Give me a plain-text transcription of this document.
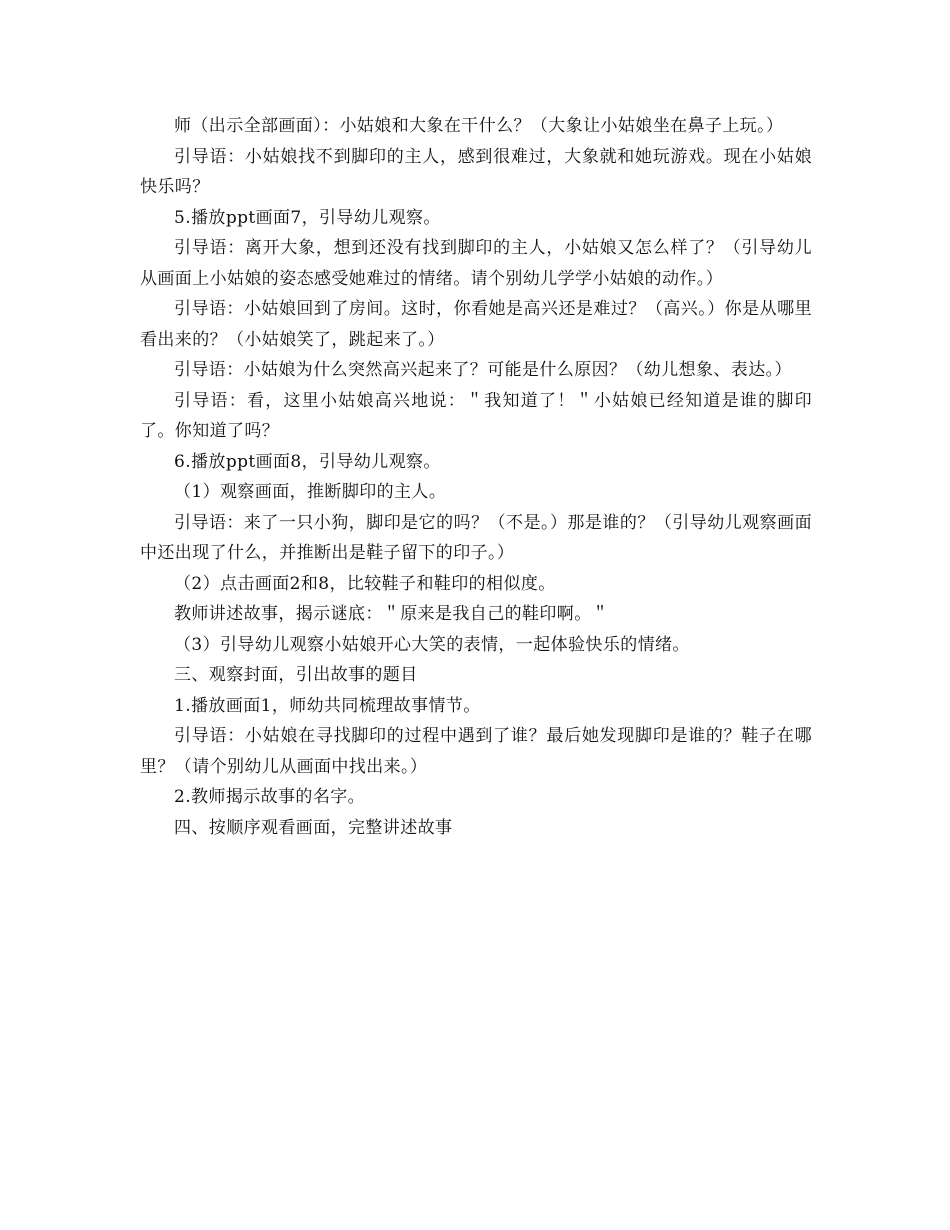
师（出示全部画面）：小姑娘和大象在干什么？（大象让小姑娘坐在鼻子上玩。）

引导语：小姑娘找不到脚印的主人，感到很难过，大象就和她玩游戏。现在小姑娘快乐吗？

5.播放ppt画面7，引导幼儿观察。

引导语：离开大象，想到还没有找到脚印的主人，小姑娘又怎么样了？（引导幼儿从画面上小姑娘的姿态感受她难过的情绪。请个别幼儿学学小姑娘的动作。）

引导语：小姑娘回到了房间。这时，你看她是高兴还是难过？（高兴。）你是从哪里看出来的？（小姑娘笑了，跳起来了。）

引导语：小姑娘为什么突然高兴起来了？可能是什么原因？（幼儿想象、表达。）

引导语：看，这里小姑娘高兴地说：＂我知道了！＂小姑娘已经知道是谁的脚印了。你知道了吗？

6.播放ppt画面8，引导幼儿观察。

（1）观察画面，推断脚印的主人。

引导语：来了一只小狗，脚印是它的吗？（不是。）那是谁的？（引导幼儿观察画面中还出现了什么，并推断出是鞋子留下的印子。）

（2）点击画面2和8，比较鞋子和鞋印的相似度。

教师讲述故事，揭示谜底：＂原来是我自己的鞋印啊。＂

（3）引导幼儿观察小姑娘开心大笑的表情，一起体验快乐的情绪。

三、观察封面，引出故事的题目

1.播放画面1，师幼共同梳理故事情节。

引导语：小姑娘在寻找脚印的过程中遇到了谁？最后她发现脚印是谁的？鞋子在哪里？（请个别幼儿从画面中找出来。）

2.教师揭示故事的名字。

四、按顺序观看画面，完整讲述故事
